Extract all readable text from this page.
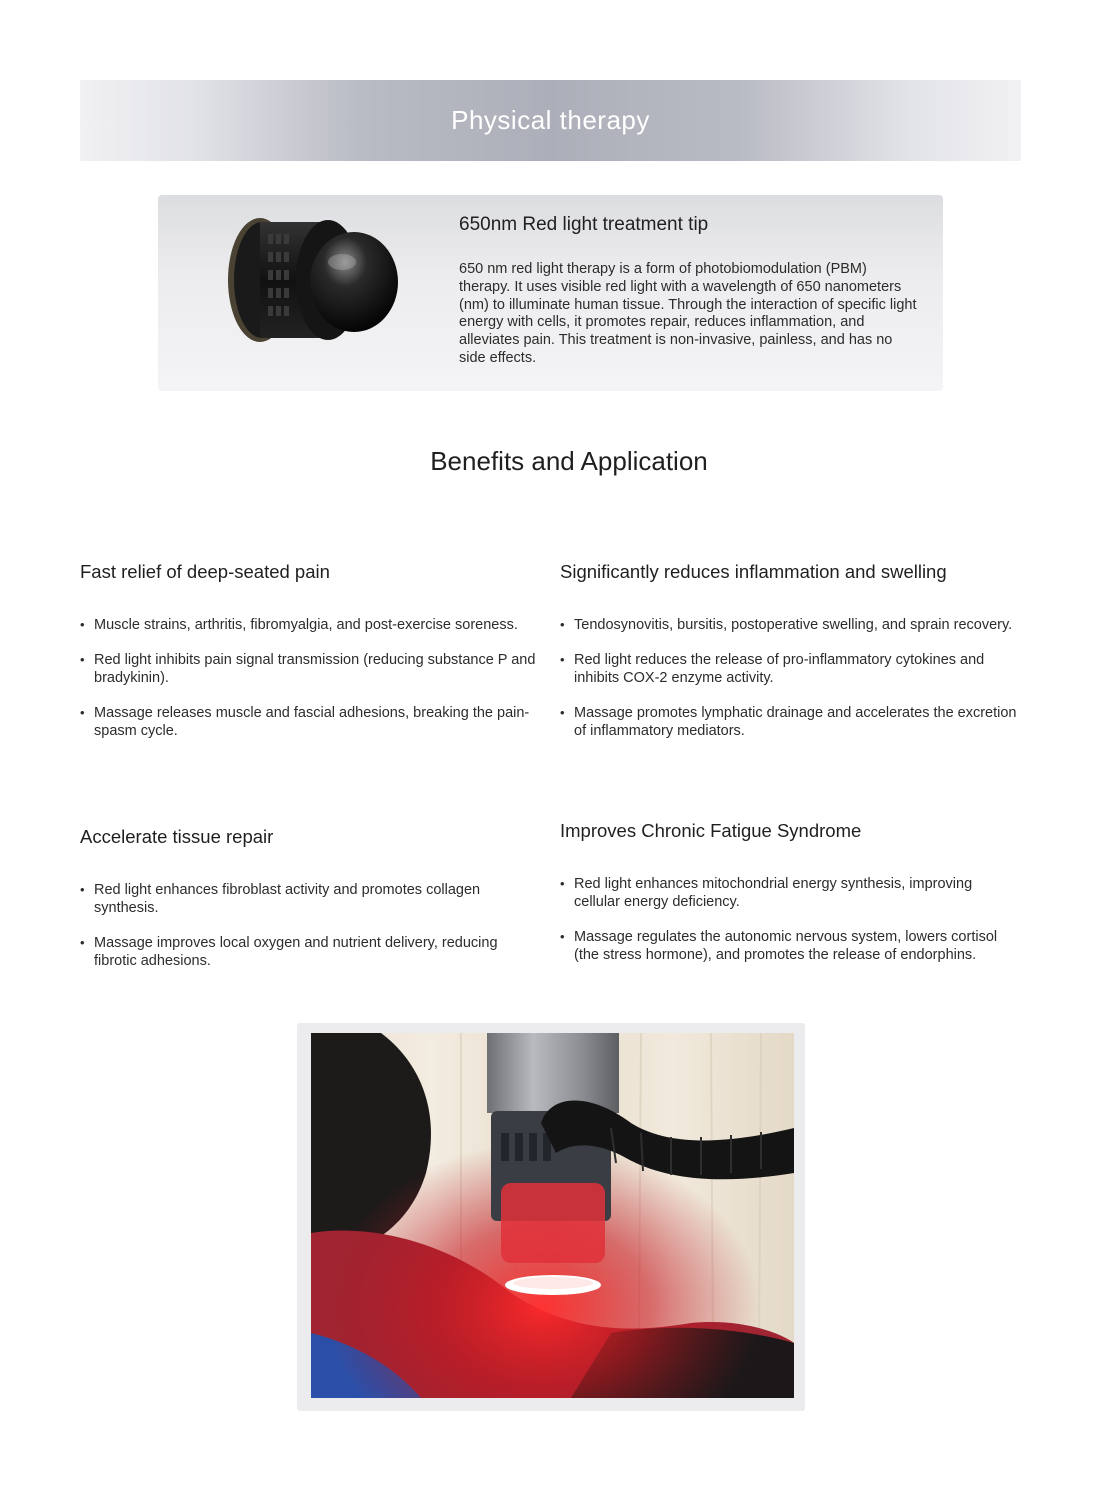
Physical therapy
650nm Red light treatment tip

650 nm red light therapy is a form of photobiomodulation (PBM) therapy. It uses visible red light with a wavelength of 650 nanometers (nm) to illuminate human tissue. Through the interaction of specific light energy with cells, it promotes repair, reduces inflammation, and alleviates pain. This treatment is non-invasive, painless, and has no side effects.

Benefits and Application
Fast relief of deep-seated pain
• Muscle strains, arthritis, fibromyalgia, and post-exercise soreness.
• Red light inhibits pain signal transmission (reducing substance P and bradykinin).
• Massage releases muscle and fascial adhesions, breaking the pain-spasm cycle.
Significantly reduces inflammation and swelling
• Tendosynovitis, bursitis, postoperative swelling, and sprain recovery.
• Red light reduces the release of pro-inflammatory cytokines and inhibits COX-2 enzyme activity.
• Massage promotes lymphatic drainage and accelerates the excretion of inflammatory mediators.
Accelerate tissue repair
• Red light enhances fibroblast activity and promotes collagen synthesis.
• Massage improves local oxygen and nutrient delivery, reducing fibrotic adhesions.
Improves Chronic Fatigue Syndrome
• Red light enhances mitochondrial energy synthesis, improving cellular energy deficiency.
• Massage regulates the autonomic nervous system, lowers cortisol (the stress hormone), and promotes the release of endorphins.
